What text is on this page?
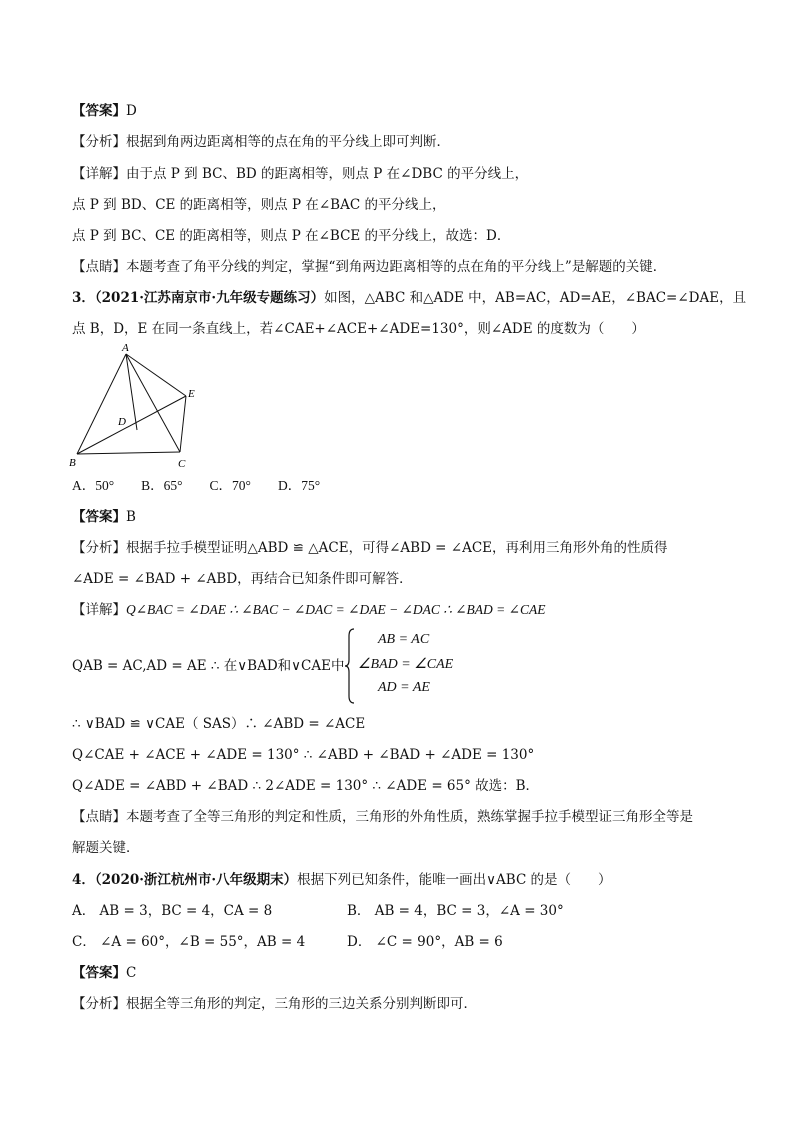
【答案】D
【分析】根据到角两边距离相等的点在角的平分线上即可判断．
【详解】由于点 P 到 BC、BD 的距离相等，则点 P 在∠DBC 的平分线上，
点 P 到 BD、CE 的距离相等，则点 P 在∠BAC 的平分线上，
点 P 到 BC、CE 的距离相等，则点 P 在∠BCE 的平分线上，故选：D．
【点睛】本题考查了角平分线的判定，掌握“到角两边距离相等的点在角的平分线上”是解题的关键．
3．（2021·江苏南京市·九年级专题练习）如图，△ABC 和△ADE 中，AB=AC，AD=AE，∠BAC=∠DAE，且
点 B，D，E 在同一条直线上，若∠CAE+∠ACE+∠ADE=130°，则∠ADE 的度数为（　　）
A
B	C
D
E
A．50°　　B．65°　　C．70°　　D．75°
【答案】B
【分析】根据手拉手模型证明△ABD ≌ △ACE，可得∠ABD = ∠ACE，再利用三角形外角的性质得
∠ADE = ∠BAD + ∠ABD，再结合已知条件即可解答．
【详解】Q∠BAC = ∠DAE ∴ ∠BAC − ∠DAC = ∠DAE − ∠DAC ∴ ∠BAD = ∠CAE
QAB = AC,AD = AE ∴ 在∨BAD和∨CAE中
AB = AC
∠BAD = ∠CAE
AD = AE
∴ ∨BAD ≌ ∨CAE（ SAS）∴ ∠ABD = ∠ACE
Q∠CAE + ∠ACE + ∠ADE = 130° ∴ ∠ABD + ∠BAD + ∠ADE = 130°
Q∠ADE = ∠ABD + ∠BAD ∴ 2∠ADE = 130° ∴ ∠ADE = 65° 故选：B．
【点睛】本题考查了全等三角形的判定和性质，三角形的外角性质，熟练掌握手拉手模型证三角形全等是
解题关键．
4．（2020·浙江杭州市·八年级期末）根据下列已知条件，能唯一画出∨ABC 的是（　　）
A． AB = 3，BC = 4，CA = 8	B． AB = 4，BC = 3，∠A = 30°
C． ∠A = 60°，∠B = 55°，AB = 4	D． ∠C = 90°，AB = 6
【答案】C
【分析】根据全等三角形的判定，三角形的三边关系分别判断即可．
